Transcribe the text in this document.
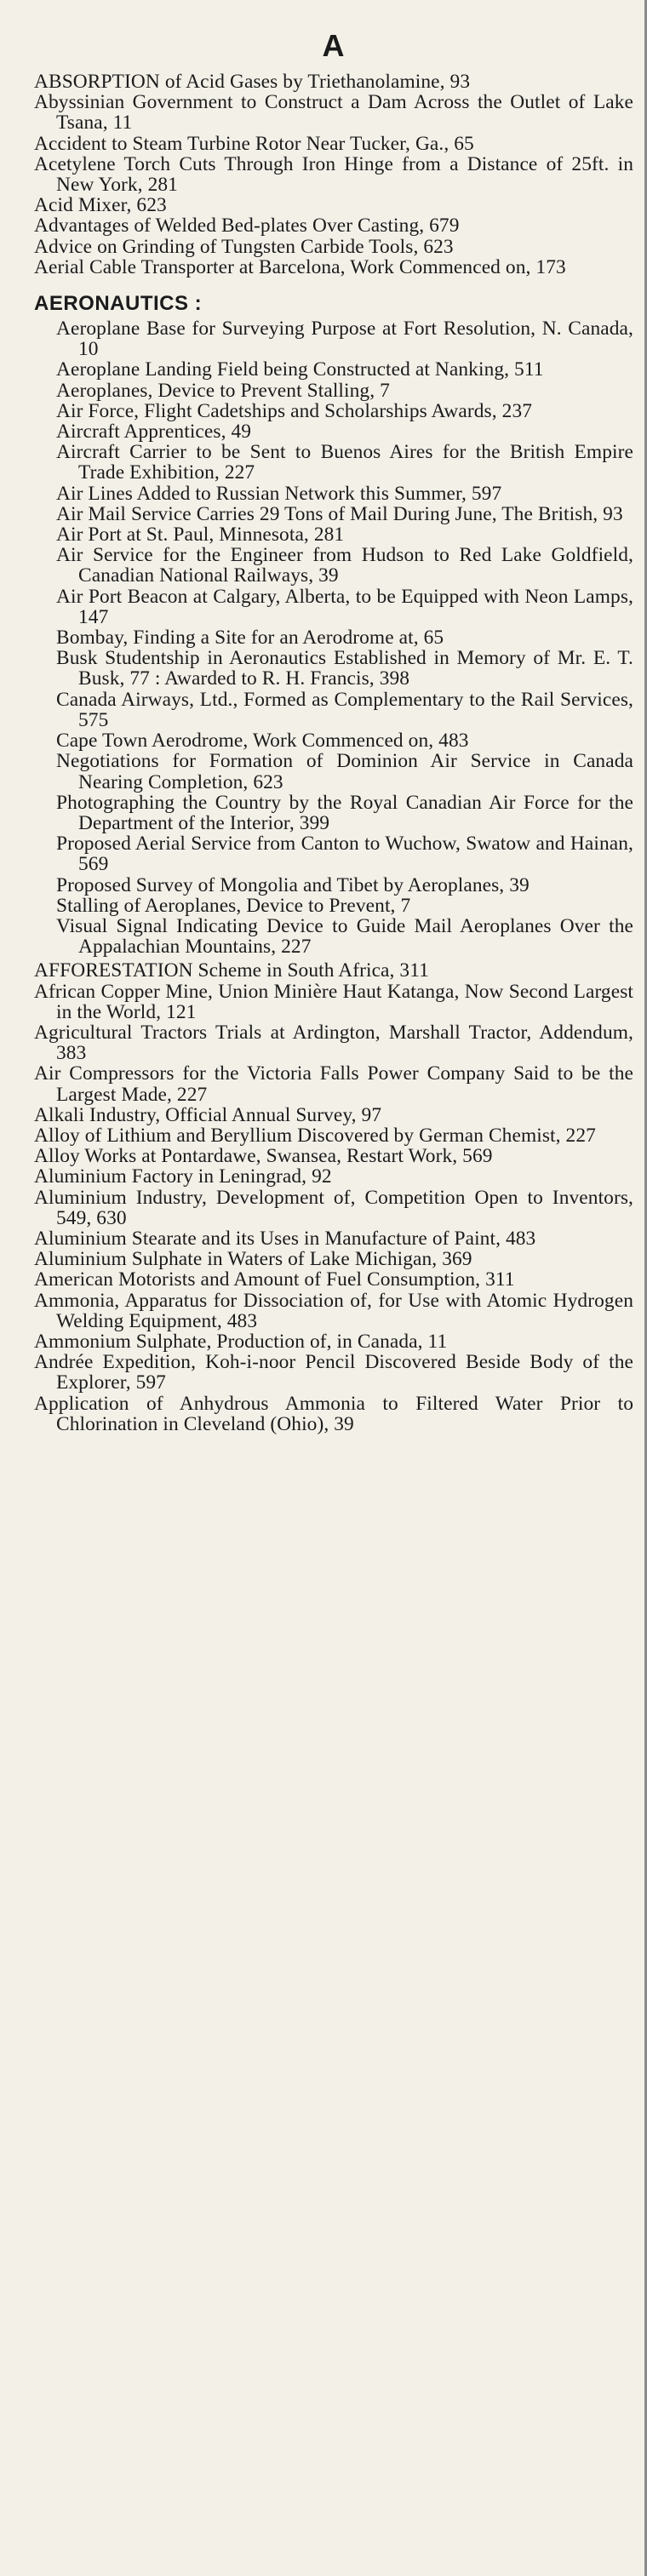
A

ABSORPTION of Acid Gases by Triethanolamine, 93

Abyssinian Government to Construct a Dam Across the Outlet of Lake Tsana, 11

Accident to Steam Turbine Rotor Near Tucker, Ga., 65

Acetylene Torch Cuts Through Iron Hinge from a Distance of 25ft. in New York, 281

Acid Mixer, 623

Advantages of Welded Bed-plates Over Casting, 679

Advice on Grinding of Tungsten Carbide Tools, 623

Aerial Cable Transporter at Barcelona, Work Commenced on, 173

AERONAUTICS :

Aeroplane Base for Surveying Purpose at Fort Resolution, N. Canada, 10

Aeroplane Landing Field being Constructed at Nanking, 511

Aeroplanes, Device to Prevent Stalling, 7

Air Force, Flight Cadetships and Scholarships Awards, 237

Aircraft Apprentices, 49

Aircraft Carrier to be Sent to Buenos Aires for the British Empire Trade Exhibition, 227

Air Lines Added to Russian Network this Summer, 597

Air Mail Service Carries 29 Tons of Mail During June, The British, 93

Air Port at St. Paul, Minnesota, 281

Air Service for the Engineer from Hudson to Red Lake Goldfield, Canadian National Railways, 39

Air Port Beacon at Calgary, Alberta, to be Equipped with Neon Lamps, 147

Bombay, Finding a Site for an Aerodrome at, 65

Busk Studentship in Aeronautics Established in Memory of Mr. E. T. Busk, 77 : Awarded to R. H. Francis, 398

Canada Airways, Ltd., Formed as Complementary to the Rail Services, 575

Cape Town Aerodrome, Work Commenced on, 483

Negotiations for Formation of Dominion Air Service in Canada Nearing Completion, 623

Photographing the Country by the Royal Canadian Air Force for the Department of the Interior, 399

Proposed Aerial Service from Canton to Wuchow, Swatow and Hainan, 569

Proposed Survey of Mongolia and Tibet by Aeroplanes, 39

Stalling of Aeroplanes, Device to Prevent, 7

Visual Signal Indicating Device to Guide Mail Aeroplanes Over the Appalachian Mountains, 227

AFFORESTATION Scheme in South Africa, 311

African Copper Mine, Union Minière Haut Katanga, Now Second Largest in the World, 121

Agricultural Tractors Trials at Ardington, Marshall Tractor, Addendum, 383

Air Compressors for the Victoria Falls Power Company Said to be the Largest Made, 227

Alkali Industry, Official Annual Survey, 97

Alloy of Lithium and Beryllium Discovered by German Chemist, 227

Alloy Works at Pontardawe, Swansea, Restart Work, 569

Aluminium Factory in Leningrad, 92

Aluminium Industry, Development of, Competition Open to Inventors, 549, 630

Aluminium Stearate and its Uses in Manufacture of Paint, 483

Aluminium Sulphate in Waters of Lake Michigan, 369

American Motorists and Amount of Fuel Consumption, 311

Ammonia, Apparatus for Dissociation of, for Use with Atomic Hydrogen Welding Equipment, 483

Ammonium Sulphate, Production of, in Canada, 11

Andrée Expedition, Koh-i-noor Pencil Discovered Beside Body of the Explorer, 597

Application of Anhydrous Ammonia to Filtered Water Prior to Chlorination in Cleveland (Ohio), 39
